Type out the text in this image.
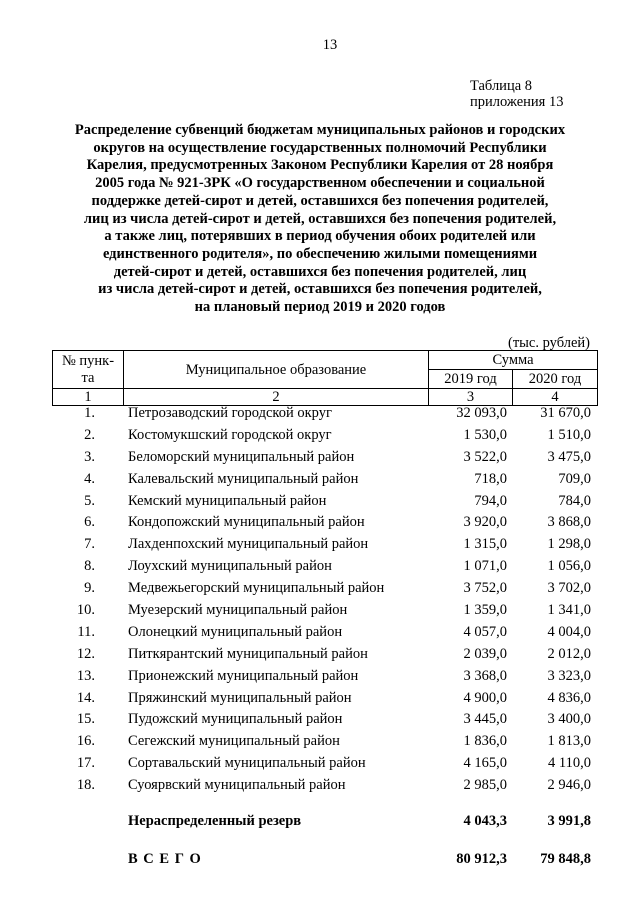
13
Таблица 8
приложения 13
Распределение субвенций бюджетам муниципальных районов и городских
округов на осуществление государственных полномочий Республики
Карелия, предусмотренных Законом Республики Карелия от 28 ноября
2005 года № 921-ЗРК «О государственном обеспечении и социальной
поддержке детей-сирот и детей, оставшихся без попечения родителей,
лиц из числа детей-сирот и детей, оставшихся без попечения родителей,
а также лиц, потерявших в период обучения обоих родителей или
единственного родителя», по обеспечению жилыми помещениями
детей-сирот и детей, оставшихся без попечения родителей, лиц
из числа детей-сирот и детей, оставшихся без попечения родителей,
на плановый период 2019 и 2020 годов
(тыс. рублей)
№ пунк-
та	Муниципальное образование	Сумма	
		2019 год	2020 год
1	2	3	4
1. Петрозаводский городской округ	32 093,0	31 670,0
2. Костомукшский городской округ	1 530,0	1 510,0
3. Беломорский муниципальный район	3 522,0	3 475,0
4. Калевальский муниципальный район	718,0	709,0
5. Кемский муниципальный район	794,0	784,0
6. Кондопожский муниципальный район	3 920,0	3 868,0
7. Лахденпохский муниципальный район	1 315,0	1 298,0
8. Лоухский муниципальный район	1 071,0	1 056,0
9. Медвежьегорский муниципальный район	3 752,0	3 702,0
10. Муезерский муниципальный район	1 359,0	1 341,0
11. Олонецкий муниципальный район	4 057,0	4 004,0
12. Питкярантский муниципальный район	2 039,0	2 012,0
13. Прионежский муниципальный район	3 368,0	3 323,0
14. Пряжинский муниципальный район	4 900,0	4 836,0
15. Пудожский муниципальный район	3 445,0	3 400,0
16. Сегежский муниципальный район	1 836,0	1 813,0
17. Сортавальский муниципальный район	4 165,0	4 110,0
18. Суоярвский муниципальный район	2 985,0	2 946,0
Нераспределенный резерв	4 043,3	3 991,8
В С Е Г О	80 912,3	79 848,8
